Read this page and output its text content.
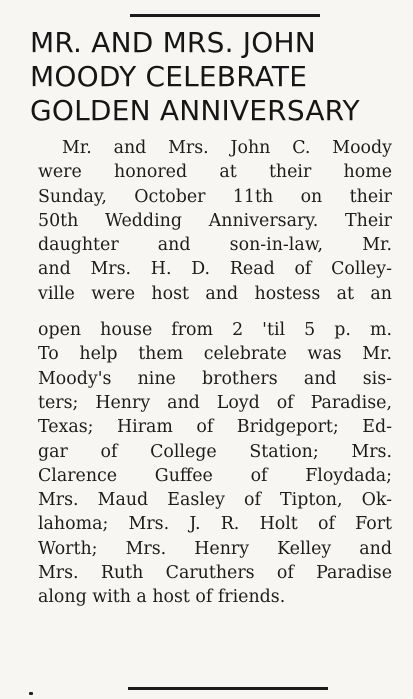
MR. AND MRS. JOHN
MOODY CELEBRATE
GOLDEN ANNIVERSARY
Mr. and Mrs. John C. Moody
were honored at their home
Sunday, October 11th on their
50th Wedding Anniversary. Their
daughter and son-in-law, Mr.
and Mrs. H. D. Read of Colley-
ville were host and hostess at an
open house from 2 'til 5 p. m.
To help them celebrate was Mr.
Moody's nine brothers and sis-
ters; Henry and Loyd of Paradise,
Texas; Hiram of Bridgeport; Ed-
gar of College Station; Mrs.
Clarence Guffee of Floydada;
Mrs. Maud Easley of Tipton, Ok-
lahoma; Mrs. J. R. Holt of Fort
Worth; Mrs. Henry Kelley and
Mrs. Ruth Caruthers of Paradise
along with a host of friends.
